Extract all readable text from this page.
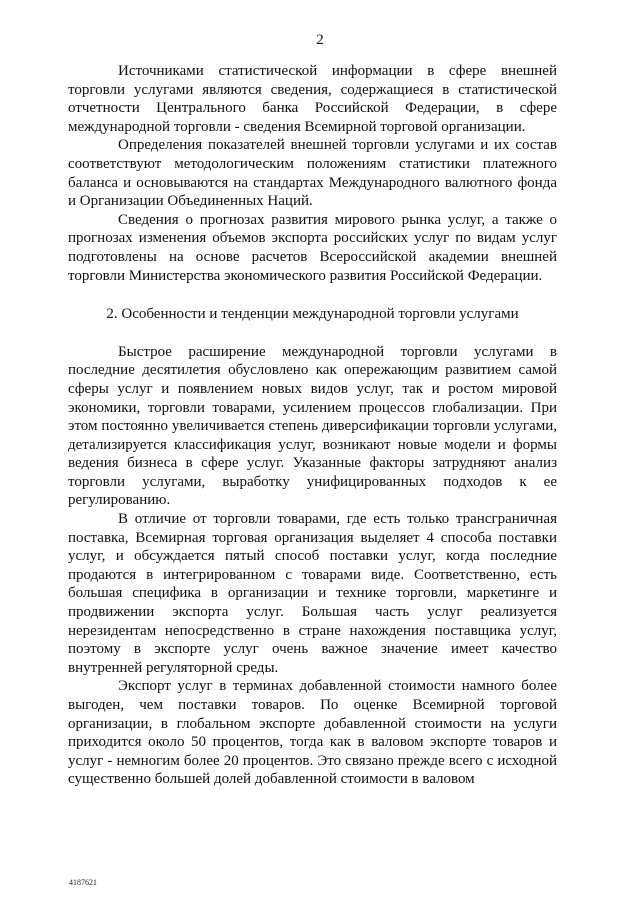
2

Источниками статистической информации в сфере внешней торговли услугами являются сведения, содержащиеся в статистической отчетности Центрального банка Российской Федерации, в сфере международной торговли - сведения Всемирной торговой организации.

Определения показателей внешней торговли услугами и их состав соответствуют методологическим положениям статистики платежного баланса и основываются на стандартах Международного валютного фонда и Организации Объединенных Наций.

Сведения о прогнозах развития мирового рынка услуг, а также о прогнозах изменения объемов экспорта российских услуг по видам услуг подготовлены на основе расчетов Всероссийской академии внешней торговли Министерства экономического развития Российской Федерации.

2. Особенности и тенденции международной торговли услугами

Быстрое расширение международной торговли услугами в последние десятилетия обусловлено как опережающим развитием самой сферы услуг и появлением новых видов услуг, так и ростом мировой экономики, торговли товарами, усилением процессов глобализации. При этом постоянно увеличивается степень диверсификации торговли услугами, детализируется классификация услуг, возникают новые модели и формы ведения бизнеса в сфере услуг. Указанные факторы затрудняют анализ торговли услугами, выработку унифицированных подходов к ее регулированию.

В отличие от торговли товарами, где есть только трансграничная поставка, Всемирная торговая организация выделяет 4 способа поставки услуг, и обсуждается пятый способ поставки услуг, когда последние продаются в интегрированном с товарами виде. Соответственно, есть большая специфика в организации и технике торговли, маркетинге и продвижении экспорта услуг. Большая часть услуг реализуется нерезидентам непосредственно в стране нахождения поставщика услуг, поэтому в экспорте услуг очень важное значение имеет качество внутренней регуляторной среды.

Экспорт услуг в терминах добавленной стоимости намного более выгоден, чем поставки товаров. По оценке Всемирной торговой организации, в глобальном экспорте добавленной стоимости на услуги приходится около 50 процентов, тогда как в валовом экспорте товаров и услуг - немногим более 20 процентов. Это связано прежде всего с исходной существенно большей долей добавленной стоимости в валовом

4187621
